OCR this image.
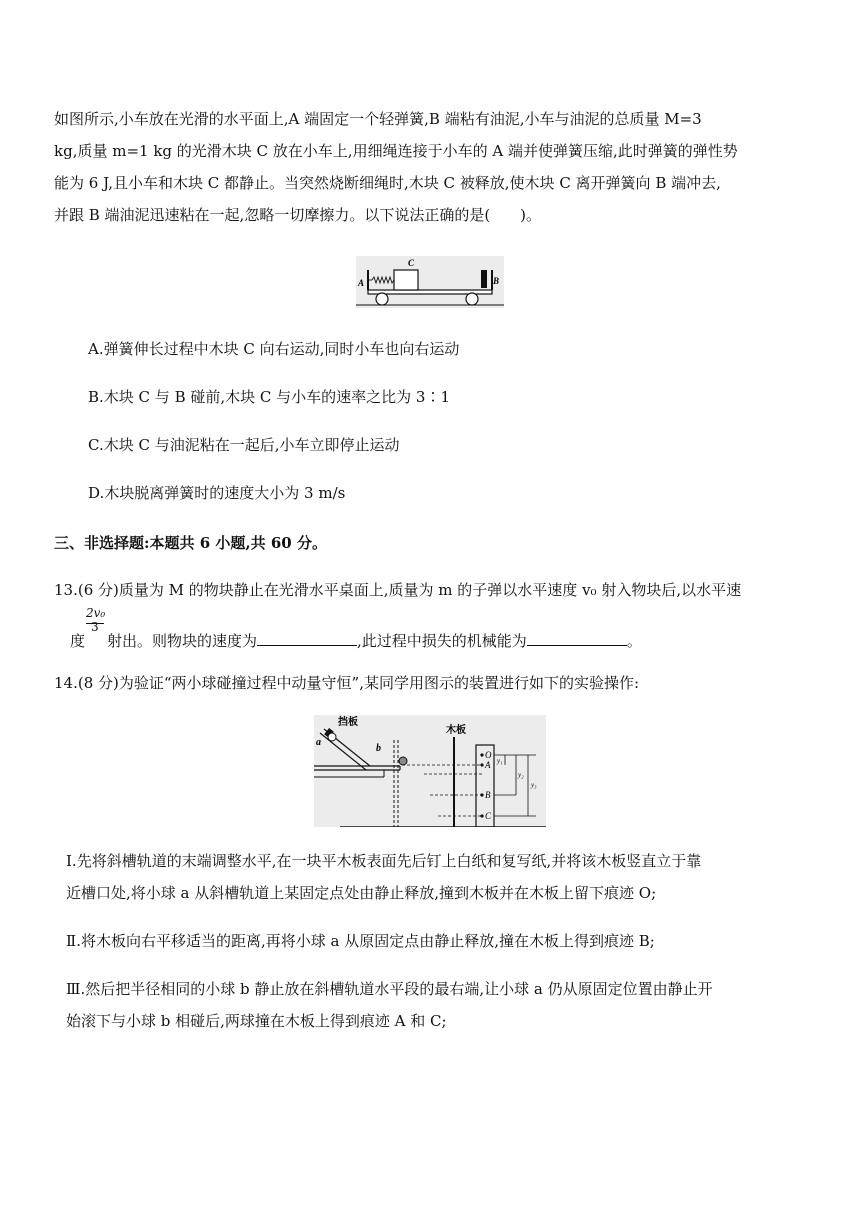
如图所示,小车放在光滑的水平面上,A 端固定一个轻弹簧,B 端粘有油泥,小车与油泥的总质量 M=3

kg,质量 m=1 kg 的光滑木块 C 放在小车上,用细绳连接于小车的 A 端并使弹簧压缩,此时弹簧的弹性势

能为 6 J,且小车和木块 C 都静止。当突然烧断细绳时,木块 C 被释放,使木块 C 离开弹簧向 B 端冲去,

并跟 B 端油泥迅速粘在一起,忽略一切摩擦力。以下说法正确的是(　　)。

A	B
C

A.弹簧伸长过程中木块 C 向右运动,同时小车也向右运动

B.木块 C 与 B 碰前,木块 C 与小车的速率之比为 3∶1

C.木块 C 与油泥粘在一起后,小车立即停止运动

D.木块脱离弹簧时的速度大小为 3 m/s

三、非选择题:本题共 6 小题,共 60 分。

13.(6 分)质量为 M 的物块静止在光滑水平桌面上,质量为 m 的子弹以水平速度 v₀ 射入物块后,以水平速

2v₀
3

度 射出。则物块的速度为	,此过程中损失的机械能为	。

14.(8 分)为验证“两小球碰撞过程中动量守恒”,某同学用图示的装置进行如下的实验操作:

挡板
木板
a
b
O
A
B
C
y₁
y₂
y₃

Ⅰ.先将斜槽轨道的末端调整水平,在一块平木板表面先后钉上白纸和复写纸,并将该木板竖直立于靠

近槽口处,将小球 a 从斜槽轨道上某固定点处由静止释放,撞到木板并在木板上留下痕迹 O;

Ⅱ.将木板向右平移适当的距离,再将小球 a 从原固定点由静止释放,撞在木板上得到痕迹 B;

Ⅲ.然后把半径相同的小球 b 静止放在斜槽轨道水平段的最右端,让小球 a 仍从原固定位置由静止开

始滚下与小球 b 相碰后,两球撞在木板上得到痕迹 A 和 C;
